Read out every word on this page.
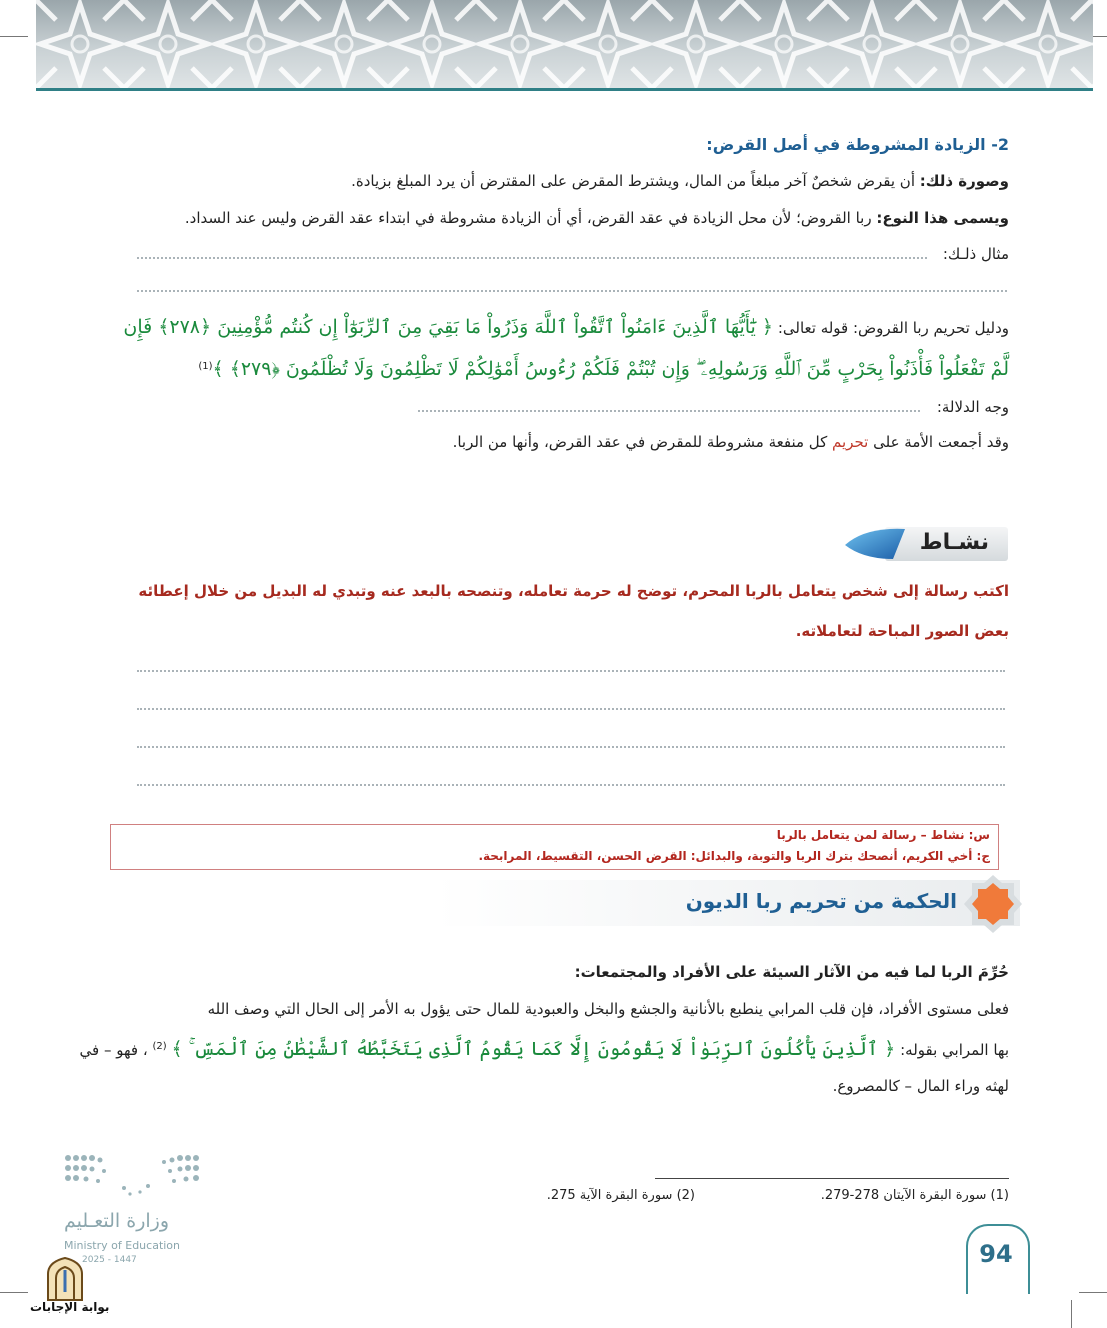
2- الزيادة المشروطة في أصل القرض:
وصورة ذلك: أن يقرض شخصٌ آخر مبلغاً من المال، ويشترط المقرض على المقترض أن يرد المبلغ بزيادة.
ويسمى هذا النوع: ربا القروض؛ لأن محل الزيادة في عقد القرض، أي أن الزيادة مشروطة في ابتداء عقد القرض وليس عند السداد.
مثال ذلـك:
ودليل تحريم ربا القروض: قوله تعالى: ﴿ يَٰٓأَيُّهَا ٱلَّذِينَ ءَامَنُواْ ٱتَّقُواْ ٱللَّهَ وَذَرُواْ مَا بَقِيَ مِنَ ٱلرِّبَوٰٓاْ إِن كُنتُم مُّؤْمِنِينَ ﴿٢٧٨﴾ فَإِن
لَّمْ تَفْعَلُواْ فَأْذَنُواْ بِحَرْبٍ مِّنَ ٱللَّهِ وَرَسُولِهِۦ ۖ وَإِن تُبْتُمْ فَلَكُمْ رُءُوسُ أَمْوَٰلِكُمْ لَا تَظْلِمُونَ وَلَا تُظْلَمُونَ ﴿٢٧٩﴾ ﴾$^{(1)}$
وجه الدلالة:
وقد أجمعت الأمة على تحريم كل منفعة مشروطة للمقرض في عقد القرض، وأنها من الربا.
نشـاط
اكتب رسالة إلى شخص يتعامل بالربا المحرم، توضح له حرمة تعامله، وتنصحه بالبعد عنه وتبدي له البديل من خلال إعطائه
بعض الصور المباحة لتعاملاته.
س: نشاط – رسالة لمن يتعامل بالربا
ج: أخي الكريم، أنصحك بترك الربا والتوبة، والبدائل: القرض الحسن، التقسيط، المرابحة.
الحكمة من تحريم ربا الديون
حُرِّمَ الربا لما فيه من الآثار السيئة على الأفراد والمجتمعات:
فعلى مستوى الأفراد، فإن قلب المرابي ينطبع بالأنانية والجشع والبخل والعبودية للمال حتى يؤول به الأمر إلى الحال التي وصف الله
بها المرابي بقوله: ﴿ ٱلَّذِينَ يَأْكُلُونَ ٱلرِّبَوٰاْ لَا يَقُومُونَ إِلَّا كَمَا يَقُومُ ٱلَّذِى يَتَخَبَّطُهُ ٱلشَّيْطَٰنُ مِنَ ٱلْمَسِّ ۚ ﴾ $^{(2)}$ ، فهو – في
لهثه وراء المال – كالمصروع.
(1) سورة البقرة الآيتان 278-279.
(2) سورة البقرة الآية 275.
94
وزارة التعـليم
Ministry of Education
2025 - 1447
بوابة الإجابات
